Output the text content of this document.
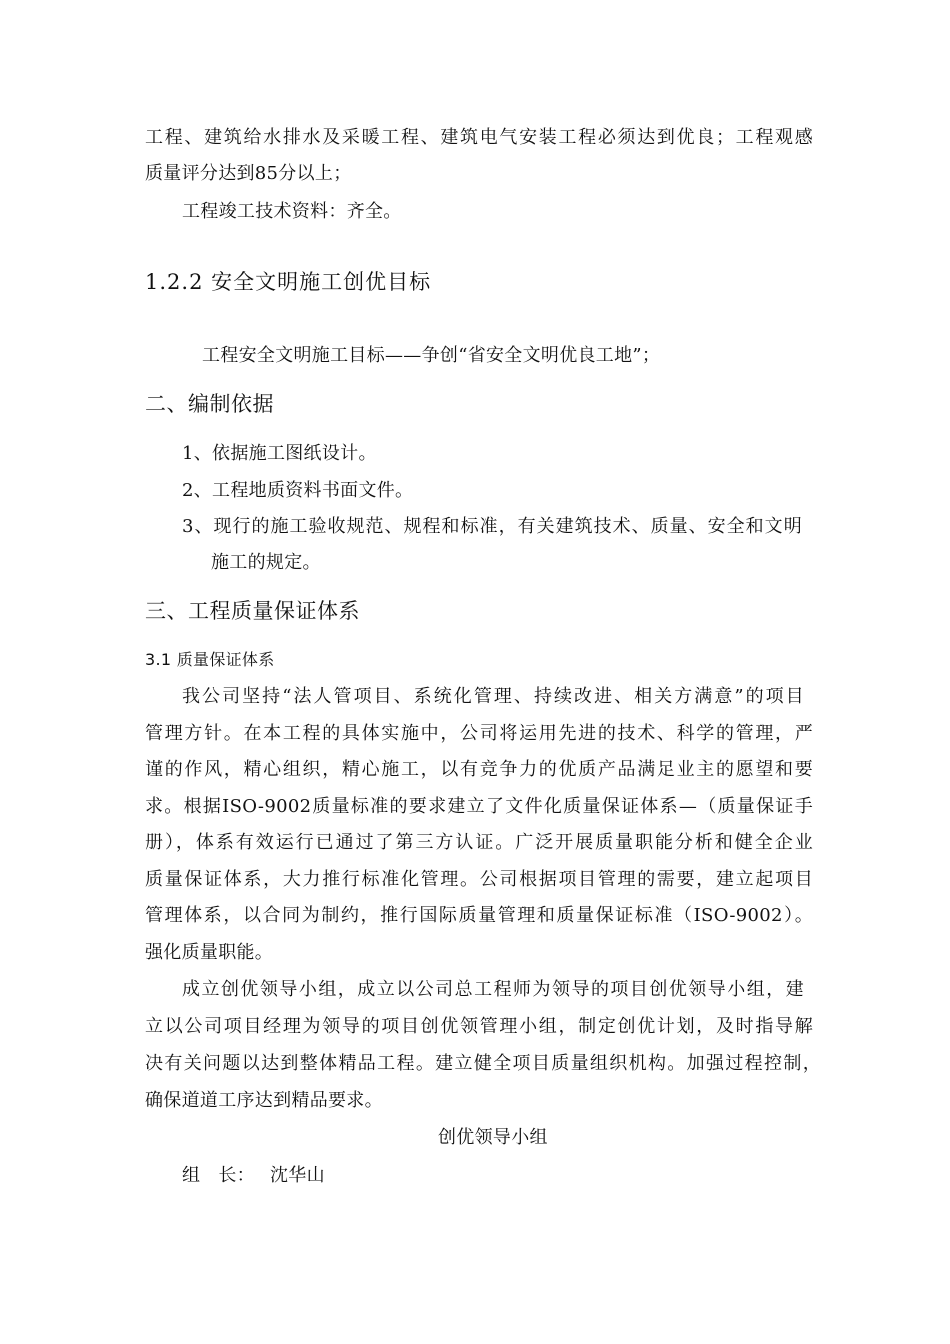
工程、建筑给水排水及采暖工程、建筑电气安装工程必须达到优良；工程观感
质量评分达到85分以上；
工程竣工技术资料：齐全。
1.2.2 安全文明施工创优目标
工程安全文明施工目标——争创“省安全文明优良工地”；
二、编制依据
1、依据施工图纸设计。
2、工程地质资料书面文件。
3、现行的施工验收规范、规程和标准，有关建筑技术、质量、安全和文明
施工的规定。
三、工程质量保证体系
3.1 质量保证体系
我公司坚持“法人管项目、系统化管理、持续改进、相关方满意”的项目
管理方针。在本工程的具体实施中，公司将运用先进的技术、科学的管理，严
谨的作风，精心组织，精心施工，以有竞争力的优质产品满足业主的愿望和要
求。根据ISO-9002质量标准的要求建立了文件化质量保证体系—（质量保证手
册），体系有效运行已通过了第三方认证。广泛开展质量职能分析和健全企业
质量保证体系，大力推行标准化管理。公司根据项目管理的需要，建立起项目
管理体系，以合同为制约，推行国际质量管理和质量保证标准（ISO-9002）。
强化质量职能。
成立创优领导小组，成立以公司总工程师为领导的项目创优领导小组，建
立以公司项目经理为领导的项目创优领管理小组，制定创优计划，及时指导解
决有关问题以达到整体精品工程。建立健全项目质量组织机构。加强过程控制，
确保道道工序达到精品要求。
创优领导小组
组   长： 沈华山
